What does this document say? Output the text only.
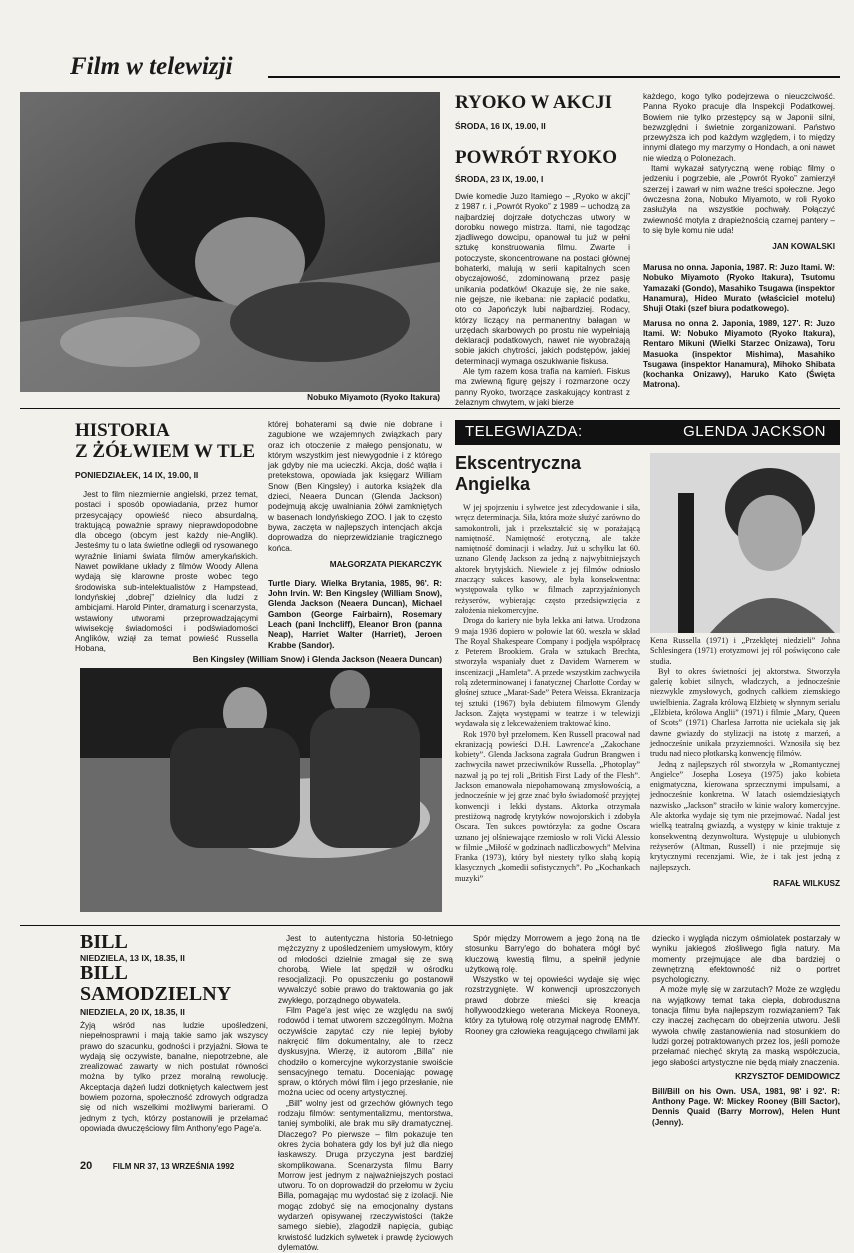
Film w telewizji
Nobuko Miyamoto (Ryoko Itakura)
RYOKO W AKCJI
ŚRODA, 16 IX, 19.00, II
POWRÓT RYOKO
ŚRODA, 23 IX, 19.00, I

Dwie komedie Juzo Itamiego – „Ryoko w akcji” z 1987 r. i „Powrót Ryoko” z 1989 – uchodzą za najbardziej dojrzałe dotychczas utwory w dorobku nowego mistrza. Itami, nie tagodząc zjadliwego dowcipu, opanował tu już w pełni sztukę konstruowania filmu. Zwarte i potoczyste, skoncentrowane na postaci głównej bohaterki, malują w serii kapitalnych scen obyczajowość, zdominowaną przez pasję unikania podatków! Okazuje się, że nie sake, nie gejsze, nie ikebana: nie zapłacić podatku, oto co Japończyk lubi najbardziej. Rodacy, którzy liczący na permanentny bałagan w urzędach skarbowych po prostu nie wypełniają deklaracji podatkowych, nawet nie wyobrażają sobie jakich chytrości, jakich podstępów, jakiej determinacji wymaga oszukiwanie fiskusa.

Ale tym razem kosa trafia na kamień. Fiskus ma zwiewną figurę gejszy i rozmarzone oczy panny Ryoko, tworzące zaskakujący kontrast z żelaznym chwytem, w jaki bierze

każdego, kogo tylko podejrzewa o nieuczciwość. Panna Ryoko pracuje dla Inspekcji Podatkowej. Bowiem nie tylko przestępcy są w Japonii silni, bezwzględni i świetnie zorganizowani. Państwo przewyższa ich pod każdym względem, i to między innymi dlatego my marzymy o Hondach, a oni nawet nie wiedzą o Polonezach.

Itami wykazał satyryczną wenę robiąc filmy o jedzeniu i pogrzebie, ale „Powrót Ryoko” zamierzył szerzej i zawarł w nim ważne treści społeczne. Jego ówczesna żona, Nobuko Miyamoto, w roli Ryoko zasłużyła na wszystkie pochwały. Połączyć zwiewność motyla z drapieżnością czarnej pantery – to się byle komu nie uda!

JAN KOWALSKI

Marusa no onna. Japonia, 1987. R: Juzo Itami. W: Nobuko Miyamoto (Ryoko Itakura), Tsutomu Yamazaki (Gondo), Masahiko Tsugawa (inspektor Hanamura), Hideo Murato (właściciel motelu) Shuji Otaki (szef biura podatkowego).

Marusa no onna 2. Japonia, 1989, 127'. R: Juzo Itami. W: Nobuko Miyamoto (Ryoko Itakura), Rentaro Mikuni (Wielki Starzec Onizawa), Toru Masuoka (inspektor Mishima), Masahiko Tsugawa (inspektor Hanamura), Mihoko Shibata (kochanka Onizawy), Haruko Kato (Święta Matrona).

HISTORIA
Z ŻÓŁWIEM W TLE
PONIEDZIAŁEK, 14 IX, 19.00, II

Jest to film niezmiernie angielski, przez temat, postaci i sposób opowiadania, przez humor przesycający opowieść nieco absurdalną, traktującą poważnie sprawy nieprawdopodobne dla obcego (obcym jest każdy nie-Anglik). Jesteśmy tu o lata świetlne odległi od rysowanego wyraźnie liniami świata filmów amerykańskich. Nawet powikłane układy z filmów Woody Allena wydają się klarowne proste wobec tego środowiska sub-intelektualistów z Hampstead, londyńskiej „dobrej” dzielnicy dla ludzi z ambicjami. Harold Pinter, dramaturg i scenarzysta, wstawiony utworami przeprowadzającymi wiwisekcję świadomości i podświadomości Anglików, wziął za temat powieść Russella Hobana,

której bohaterami są dwie nie dobrane i zagubione we wzajemnych związkach pary oraz ich otoczenie z małego pensjonatu, w którym wszystkim jest niewygodnie i z którego jak gdyby nie ma ucieczki. Akcja, dość wątła i pretekstowa, opowiada jak księgarz William Snow (Ben Kingsley) i autorka książek dla dzieci, Neaera Duncan (Glenda Jackson) podejmują akcję uwalniania żółwi zamkniętych w basenach londyńskiego ZOO. I jak to często bywa, zaczęta w najlepszych intencjach akcja doprowadza do nieprzewidzianie tragicznego końca.

MAŁGORZATA PIEKARCZYK

Turtle Diary. Wielka Brytania, 1985, 96'. R: John Irvin. W: Ben Kingsley (William Snow), Glenda Jackson (Neaera Duncan), Michael Gambon (George Fairbairn), Rosemary Leach (pani Inchcliff), Eleanor Bron (panna Neap), Harriet Walter (Harriet), Jeroen Krabbe (Sandor).

Ben Kingsley (William Snow) i Glenda Jackson (Neaera Duncan)
TELEGWIAZDA:	GLENDA JACKSON
Ekscentryczna
Angielka

W jej spojrzeniu i sylwetce jest zdecydowanie i siła, wręcz determinacja. Siła, która może służyć zarówno do samokontroli, jak i przekształcić się w porażającą namiętność. Namiętność erotyczną, ale także namiętność dominacji i władzy. Już u schyłku lat 60. uznano Glendę Jackson za jedną z najwybitniejszych aktorek brytyjskich. Niewiele z jej filmów odniosło znaczący sukces kasowy, ale była konsekwentna: występowała tylko w filmach zaprzyjaźnionych reżyserów, wybierając często przedsięwzięcia z założenia niekomercyjne.

Droga do kariery nie była lekka ani łatwa. Urodzona 9 maja 1936 dopiero w połowie lat 60. weszła w skład The Royal Shakespeare Company i podjęła współpracę z Peterem Brookiem. Grała w sztukach Brechta, stworzyła wspaniały duet z Davidem Warnerem w inscenizacji „Hamleta”. A przede wszystkim zachwyciła rolą zdeterminowanej i fanatycznej Charlotte Corday w głośnej sztuce „Marat-Sade” Petera Weissa. Ekranizacja tej sztuki (1967) była debiutem filmowym Glendy Jackson. Zajęta występami w teatrze i w telewizji wydawała się z lekceważeniem traktować kino.

Rok 1970 był przełomem. Ken Russell pracował nad ekranizacją powieści D.H. Lawrence'a „Zakochane kobiety”. Glenda Jacksona zagrała Gudrun Brangwen i zachwyciła nawet przeciwników Russella. „Photoplay” nazwał ją po tej roli „British First Lady of the Flesh”. Jackson emanowała niepohamowaną zmysłowością, a jednocześnie w jej grze znać było świadomość przyjętej konwencji i lekki dystans. Aktorka otrzymała prestiżową nagrodę krytyków nowojorskich i zdobyła Oscara. Ten sukces powtórzyła: za godne Oscara uznano jej olśniewające rzemiosło w roli Vicki Alessio w filmie „Miłość w godzinach nadliczbowych” Melvina Franka (1973), który był niestety tylko słabą kopią klasycznych „komedii sofistycznych”. Po „Kochankach muzyki”

Kena Russella (1971) i „Przeklętej niedzieli” Johna Schlesingera (1971) erotyzmowi jej ról poświęcono całe studia.

Był to okres świetności jej aktorstwa. Stworzyła galerię kobiet silnych, władczych, a jednocześnie niezwykle zmysłowych, godnych całkiem ziemskiego uwielbienia. Zagrała królową Elżbietę w słynnym serialu „Elżbieta, królowa Anglii” (1971) i filmie „Mary, Queen of Scots” (1971) Charlesa Jarrotta nie uciekała się jak dawne gwiazdy do stylizacji na istotę z marzeń, a jednocześnie unikała przyziemności. Wznosiła się bez trudu nad nieco płotkarską konwencję filmów.

Jedną z najlepszych ról stworzyła w „Romantycznej Angielce” Josepha Loseya (1975) jako kobieta enigmatyczna, kierowana sprzecznymi impulsami, a jednocześnie konkretna. W latach osiemdziesiątych nazwisko „Jackson” straciło w kinie walory komercyjne. Ale aktorka wydaje się tym nie przejmować. Nadal jest wielką teatralną gwiazdą, a występy w kinie traktuje z konsekwentną dezynwoltura. Występuje u ulubionych reżyserów (Altman, Russell) i nie przejmuje się krytycznymi recenzjami. Wie, że i tak jest jedną z najlepszych.

RAFAŁ WILKUSZ
BILL
NIEDZIELA, 13 IX, 18.35, II
BILL
SAMODZIELNY
NIEDZIELA, 20 IX, 18.35, II

Żyją wśród nas ludzie upośledzeni, niepełnosprawni i mają takie samo jak wszyscy prawo do szacunku, godności i przyjaźni. Słowa te wydają się oczywiste, banalne, niepotrzebne, ale zrealizować zawarty w nich postulat równości można by tylko przez moralną rewolucję. Akceptacja dążeń ludzi dotkniętych kalectwem jest bowiem pozorna, społeczność zdrowych odgradza się od nich wszelkimi możliwymi barierami. O jednym z tych, którzy postanowili je przełamać opowiada dwuczęściowy film Anthony'ego Page'a.

Jest to autentyczna historia 50-letniego mężczyzny z upośledzeniem umysłowym, który od młodości dzielnie zmagał się ze swą chorobą. Wiele lat spędził w ośrodku resocjalizacji. Po opuszczeniu go postanowił wywalczyć sobie prawo do traktowania go jak zwykłego, porządnego obywatela.

Film Page'a jest więc ze względu na swój rodowód i temat utworem szczególnym. Można oczywiście zapytać czy nie lepiej byłoby nakręcić film dokumentalny, ale to rzecz dyskusyjna. Wierzę, iż autorom „Billa” nie chodziło o komercyjne wykorzystanie swoiście sensacyjnego tematu. Doceniając powagę spraw, o których mówi film i jego przesłanie, nie można uciec od oceny artystycznej.

„Bill” wolny jest od grzechów głównych tego rodzaju filmów: sentymentalizmu, mentorstwa, taniej symboliki, ale brak mu siły dramatycznej. Dlaczego? Po pierwsze – film pokazuje ten okres życia bohatera gdy los był już dla niego łaskawszy. Druga przyczyna jest bardziej skomplikowana. Scenarzysta filmu Barry Morrow jest jednym z najważniejszych postaci utworu. To on doprowadził do przełomu w życiu Billa, pomagając mu wydostać się z izolacji. Nie mogąc zdobyć się na emocjonalny dystans wydarzeń opisywanej rzeczywistości (także samego siebie), zlagodził napięcia, gubiąc krwistość ludzkich sylwetek i prawdę życiowych dylematów.

Spór między Morrowem a jego żoną na tle stosunku Barry'ego do bohatera mógł być kluczową kwestią filmu, a spełnił jedynie użytkową rolę.

Wszystko w tej opowieści wydaje się więc rozstrzygnięte. W konwencji uproszczonych prawd dobrze mieści się kreacja hollywoodzkiego weterana Mickeya Rooneya, który za tytułową rolę otrzymał nagrodę EMMY. Rooney gra człowieka reagującego chwilami jak

dziecko i wygląda niczym ośmiolatek postarzały w wyniku jakiegoś złośliwego figla natury. Ma momenty przejmujące ale dba bardziej o zewnętrzną efektowność niż o portret psychologiczny.

A może mylę się w zarzutach? Może ze względu na wyjątkowy temat taka ciepła, dobroduszna tonacja filmu była najlepszym rozwiązaniem? Tak czy inaczej zachęcam do obejrzenia utworu. Jeśli wywoła chwilę zastanowienia nad stosunkiem do ludzi gorzej potraktowanych przez los, jeśli pomoże przełamać niechęć skrytą za maską współczucia, jego słabości artystyczne nie będą miały znaczenia.

KRZYSZTOF DEMIDOWICZ

Bill/Bill on his Own. USA, 1981, 98' i 92'. R: Anthony Page. W: Mickey Rooney (Bill Sactor), Dennis Quaid (Barry Morrow), Helen Hunt (Jenny).

20	FILM NR 37, 13 WRZEŚNIA 1992
